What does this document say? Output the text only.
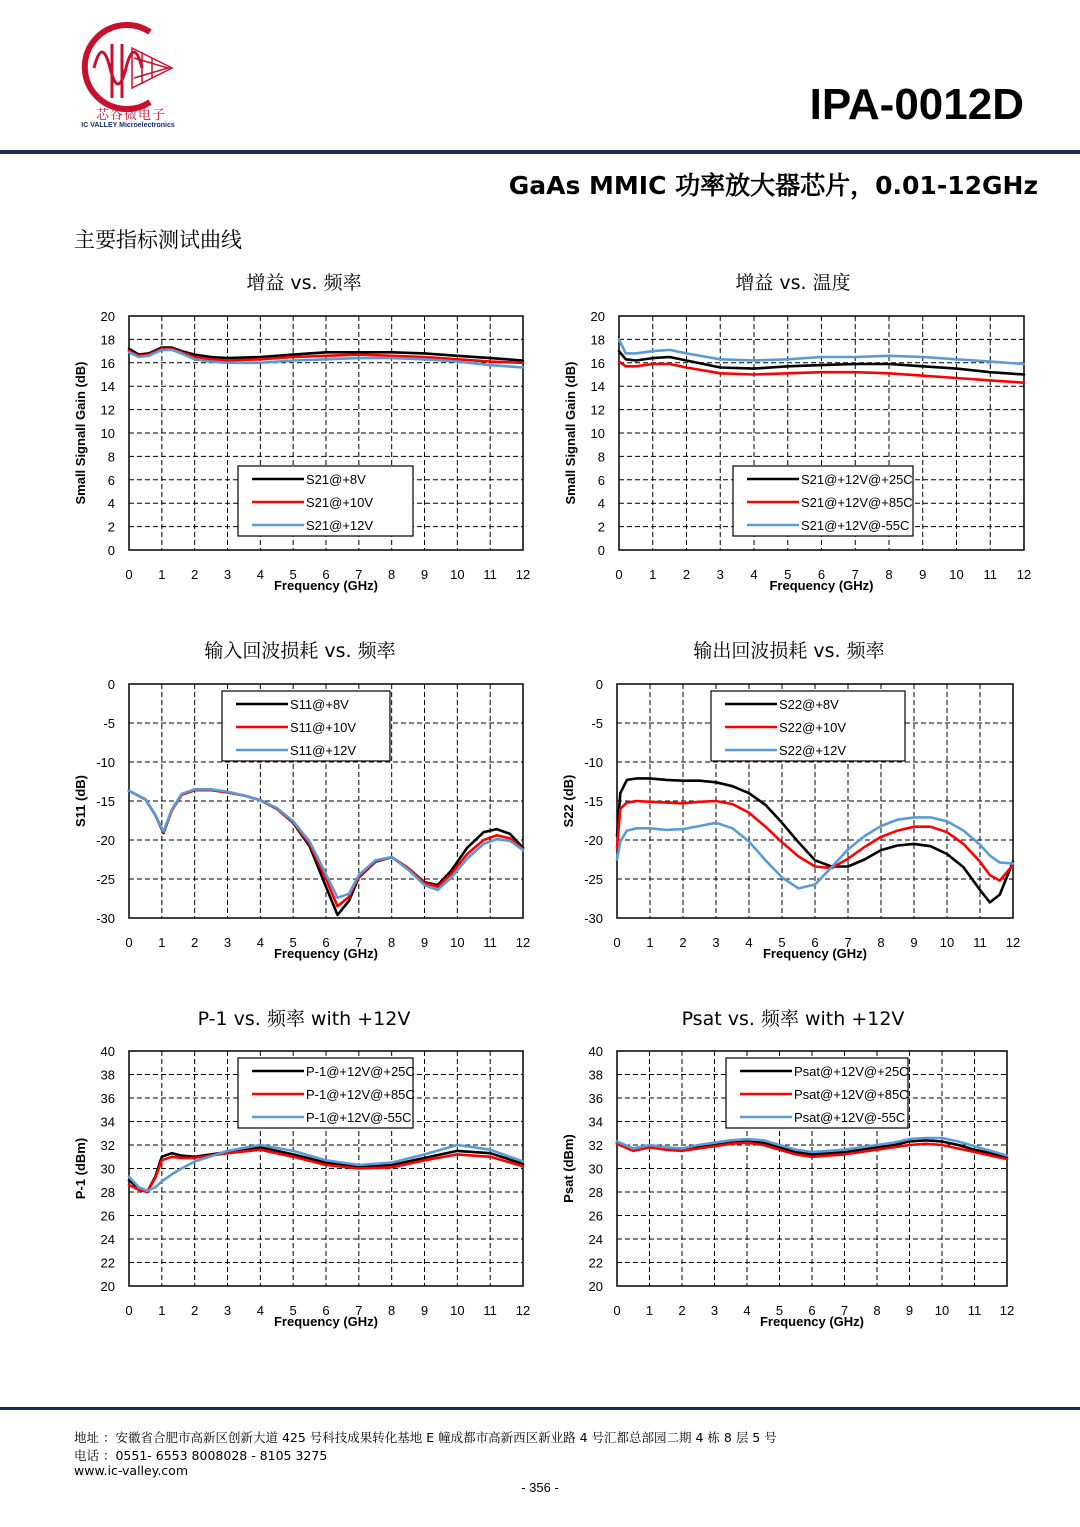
芯谷微电子
IC VALLEY Microelectronics	IPA-0012D
GaAs MMIC 功率放大器芯片，0.01-12GHz
主要指标测试曲线
增益 vs. 频率	增益 vs. 温度
输入回波损耗 vs. 频率	输出回波损耗 vs. 频率
P-1 vs. 频率 with +12V	Psat vs. 频率 with +12V
0 1 2 3 4 5 6 7 8 9 10 11 12
0
2
4
6
8
10
12
14
16
18
20
Frequency (GHz)
Small Signall Gain (dB)	S21@+8V
S21@+10V
S21@+12V
0 1 2 3 4 5 6 7 8 9 10 11 12
0
2
4
6
8
10
12
14
16
18
20
Frequency (GHz)
Small Signall Gain (dB)	S21@+12V@+25C
S21@+12V@+85C
S21@+12V@-55C
0 1 2 3 4 5 6 7 8 9 10 11 12
0
-5
-10
-15
-20
-25
-30
Frequency (GHz)
S11 (dB)
S11@+8V
S11@+10V
S11@+12V
0 1 2 3 4 5 6 7 8 9 10 11 12
0
-5
-10
-15
-20
-25
-30
Frequency (GHz)
S22 (dB)
S22@+8V
S22@+10V
S22@+12V
0 1 2 3 4 5 6 7 8 9 10 11 12
20
22
24
26
28
30
32
34
36
38
40
Frequency (GHz)
P-1 (dBm)
P-1@+12V@+25C
P-1@+12V@+85C
P-1@+12V@-55C
0 1 2 3 4 5 6 7 8 9 10 11 12
20
22
24
26
28
30
32
34
36
38
40
Frequency (GHz)
Psat (dBm)
Psat@+12V@+25C
Psat@+12V@+85C
Psat@+12V@-55C
地址 ：安徽省合肥市高新区创新大道 425 号科技成果转化基地 E 幢成都市高新西区新业路 4 号汇都总部园二期 4 栋 8 层 5 号
电话 ：0551- 6553 8008028 - 8105 3275
www.ic-valley.com
- 356 -
